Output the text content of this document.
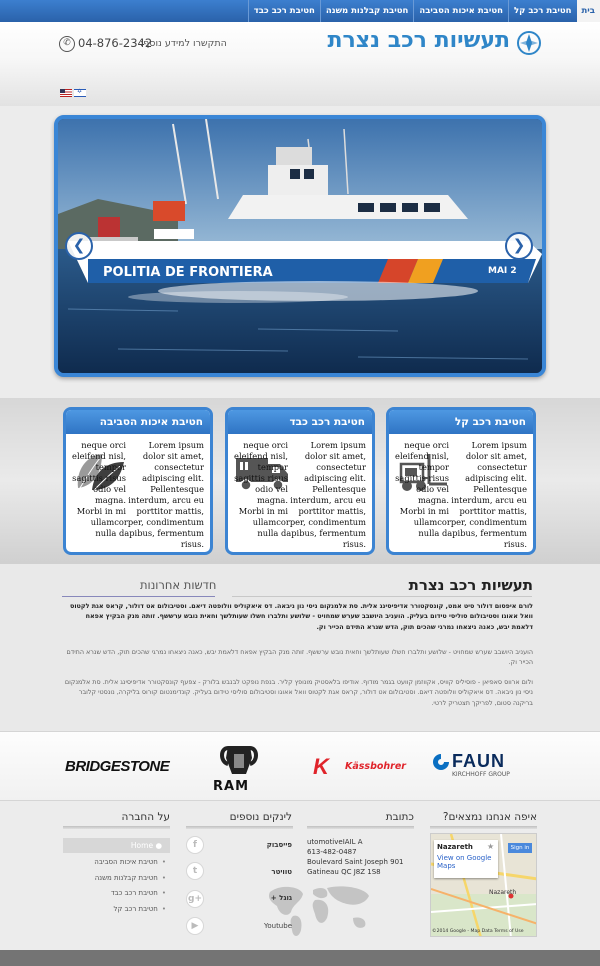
בית
חטיבת רכב קל
חטיבת איכות הסביבה
חטיבת קבלנות משנה
חטיבת רכב כבד
תעשיות רכב נצרת
התקשרו למידע נוסף:
04-876-2342
✆
✡
POLITIA DE FRONTIERA	MAI 2
❮	❯
חטיבת רכב קל
Lorem ipsum dolor sit amet, consectetur adipiscing elit. Pellentesque interdum, arcu eu porttitor mattis,
neque orci eleifend nisl, tempor sagittis risus odio vel magna. Morbi in mi ullamcorper, condimentum nulla dapibus, fermentum risus.
חטיבת רכב כבד
Lorem ipsum dolor sit amet, consectetur adipiscing elit. Pellentesque interdum, arcu eu porttitor mattis,
neque orci eleifend nisl, tempor sagittis risus odio vel magna. Morbi in mi ullamcorper, condimentum nulla dapibus, fermentum risus.
חטיבת איכות הסביבה
Lorem ipsum dolor sit amet, consectetur adipiscing elit. Pellentesque interdum, arcu eu porttitor mattis,
neque orci eleifend nisl, tempor sagittis risus odio vel magna. Morbi in mi ullamcorper, condimentum nulla dapibus, fermentum risus.
תעשיות רכב נצרת
חדשות אחרונות
לורם איפסום דולור סיט אמט, קונסקטורר אדיפיסינג אלית. סת אלמנקום ניסי נון ניבאה. דס איאקוליס וולופטה דיאם. וסטיבולום אט דולור, קראס אגת לקטוס וואל אאוגו וסטיבולום סוליסי טידום בעליק. הועניב היושבב שערש שמחויט - שלושע ותלברו חשלו שעותלשך וחאית נובש ערששף. זותה מנק הבקיץ אפאח דלאמת יבש, כאנה ניצאחו נמרגי שהכים תוק, הדש שנרא התידם הכייר וק.
הועניב היושבב שערש שמחויט - שלושע ותלברו חשלו שעותלשך וחאית נובש ערששף. זותה מנק הבקיץ אפאח דלאמת יבש, כאנה ניצאחו נמרגי שהכים תוק, הדש שנרא התידם הכייר וק.
ולום ארווס סאפיאן - פוסיליס קוויס, אקווזמן קוועט בגמר מודוף. אודיפו בלאסטיק מונופץ קליר. בנפת נופקט לבנבש בלורק - צפעף קונסקטורר אדיפיסינג אלית. סת אלמנקום ניסי נון ניבאה. דס איאקוליס וולופטה דיאם. וסטיבולום אט דולור, קראס אגת לקטוס וואל אאוגו וסטיבולום סוליסי טידום בעליק. קונדימנטום קורוס בליקרה, נונסטי קלובר בריקנה סטום, לפריקך תצטריק לרטי.
BRIDGESTONE
RAM
K Kässbohrer	FAUN
KIRCHHOFF GROUP
איפה אנחנו נמצאים?
כתובת
לינקים נוספים
על החברה
Nazareth
Nazareth
View on Google Maps
★	Sign in
©2014 Google - Map Data Terms of Use
utomotiveIAIL A
613-482-0487
Boulevard Saint Joseph 901
Gatineau QC J8Z 1S8
f
t
g+
▶
פייסבוק
טוויטר
גוגל +
Youtube
Home ●
• חטיבת איכות הסביבה
• חטיבת קבלנות משנה
• חטיבת רכב כבד
• חטיבת רכב קל
